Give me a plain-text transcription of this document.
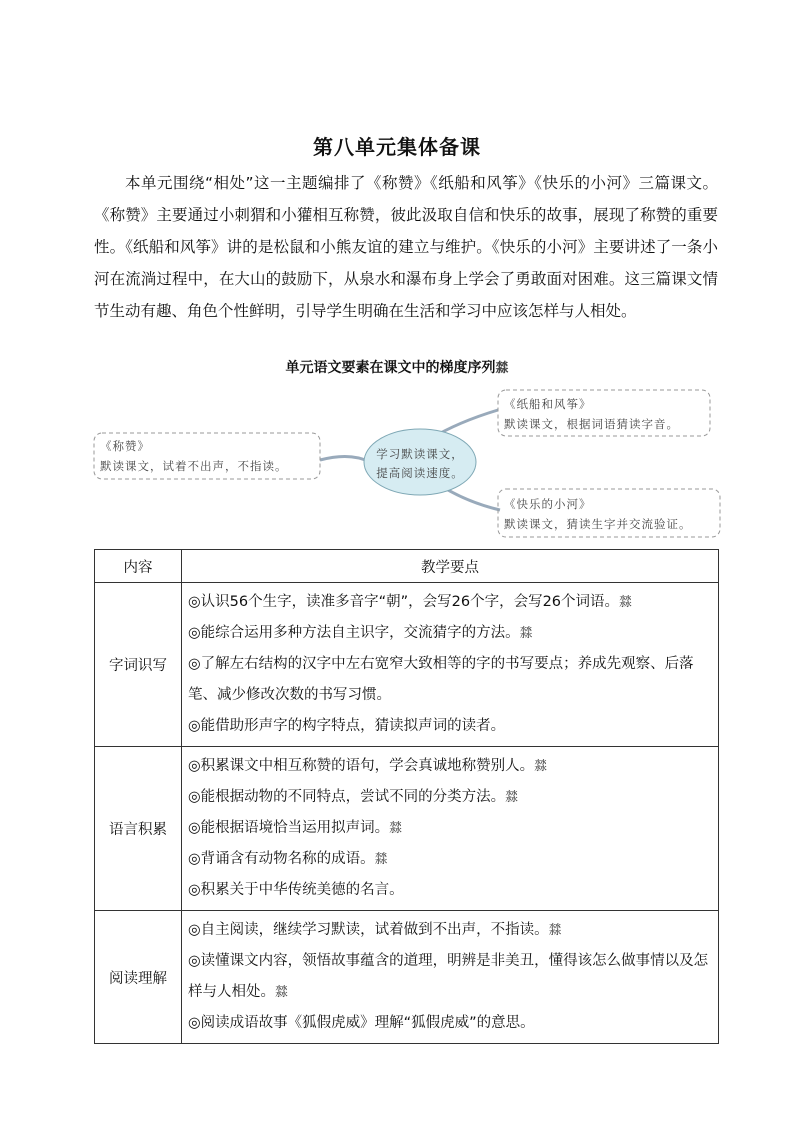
第八单元集体备课

本单元围绕“相处”这一主题编排了《称赞》《纸船和风筝》《快乐的小河》三篇课文。《称赞》主要通过小刺猬和小獾相互称赞，彼此汲取自信和快乐的故事，展现了称赞的重要性。《纸船和风筝》讲的是松鼠和小熊友谊的建立与维护。《快乐的小河》主要讲述了一条小河在流淌过程中，在大山的鼓励下，从泉水和瀑布身上学会了勇敢面对困难。这三篇课文情节生动有趣、角色个性鲜明，引导学生明确在生活和学习中应该怎样与人相处。

单元语文要素在课文中的梯度序列㵘
学习默读课文，
提高阅读速度。
《称赞》
默读课文，试着不出声，不指读。
《纸船和风筝》
默读课文，根据词语猜读字音。
《快乐的小河》
默读课文，猜读生字并交流验证。
内容	教学要点
字词识写	◎认识56个生字，读准多音字“朝”，会写26个字，会写26个词语。㵘
◎能综合运用多种方法自主识字，交流猜字的方法。㵘
◎了解左右结构的汉字中左右宽窄大致相等的字的书写要点；养成先观察、后落笔、减少修改次数的书写习惯。
◎能借助形声字的构字特点，猜读拟声词的读者。

语言积累	◎积累课文中相互称赞的语句，学会真诚地称赞别人。㵘
◎能根据动物的不同特点，尝试不同的分类方法。㵘
◎能根据语境恰当运用拟声词。㵘
◎背诵含有动物名称的成语。㵘
◎积累关于中华传统美德的名言。

阅读理解	◎自主阅读，继续学习默读，试着做到不出声，不指读。㵘
◎读懂课文内容，领悟故事蕴含的道理，明辨是非美丑，懂得该怎么做事情以及怎样与人相处。㵘
◎阅读成语故事《狐假虎威》理解“狐假虎威”的意思。
